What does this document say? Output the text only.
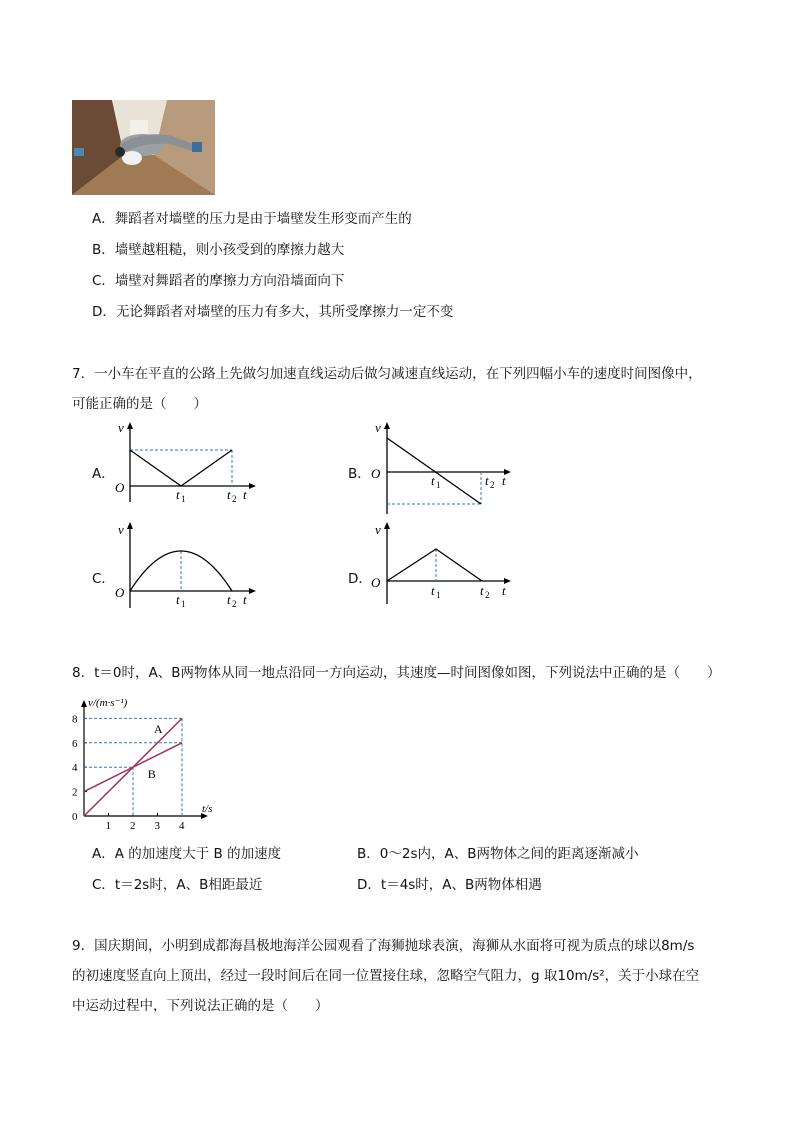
A．舞蹈者对墙壁的压力是由于墙壁发生形变而产生的
B．墙壁越粗糙，则小孩受到的摩擦力越大
C．墙壁对舞蹈者的摩擦力方向沿墙面向下
D．无论舞蹈者对墙壁的压力有多大，其所受摩擦力一定不变
7．一小车在平直的公路上先做匀加速直线运动后做匀减速直线运动，在下列四幅小车的速度时间图像中，
可能正确的是（　　）
A．
v
O	t 1	t 2 t
B．
v
O	t 1	t 2 t
C．
v
O	t 1	t 2 t
D．
v
O
t 1	t 2 t
8．t＝0时，A、B两物体从同一地点沿同一方向运动，其速度—时间图像如图，下列说法中正确的是（　　）
0
2
4
6
8
1 2 3 4
v/(m·s⁻¹)
t/s
A
B
A．A 的加速度大于 B 的加速度	B．0～2s内，A、B两物体之间的距离逐渐减小
C．t＝2s时，A、B相距最近	D．t＝4s时，A、B两物体相遇
9．国庆期间，小明到成都海昌极地海洋公园观看了海狮抛球表演，海狮从水面将可视为质点的球以8m/s
的初速度竖直向上顶出，经过一段时间后在同一位置接住球，忽略空气阻力，g 取10m/s²，关于小球在空
中运动过程中，下列说法正确的是（　　）
